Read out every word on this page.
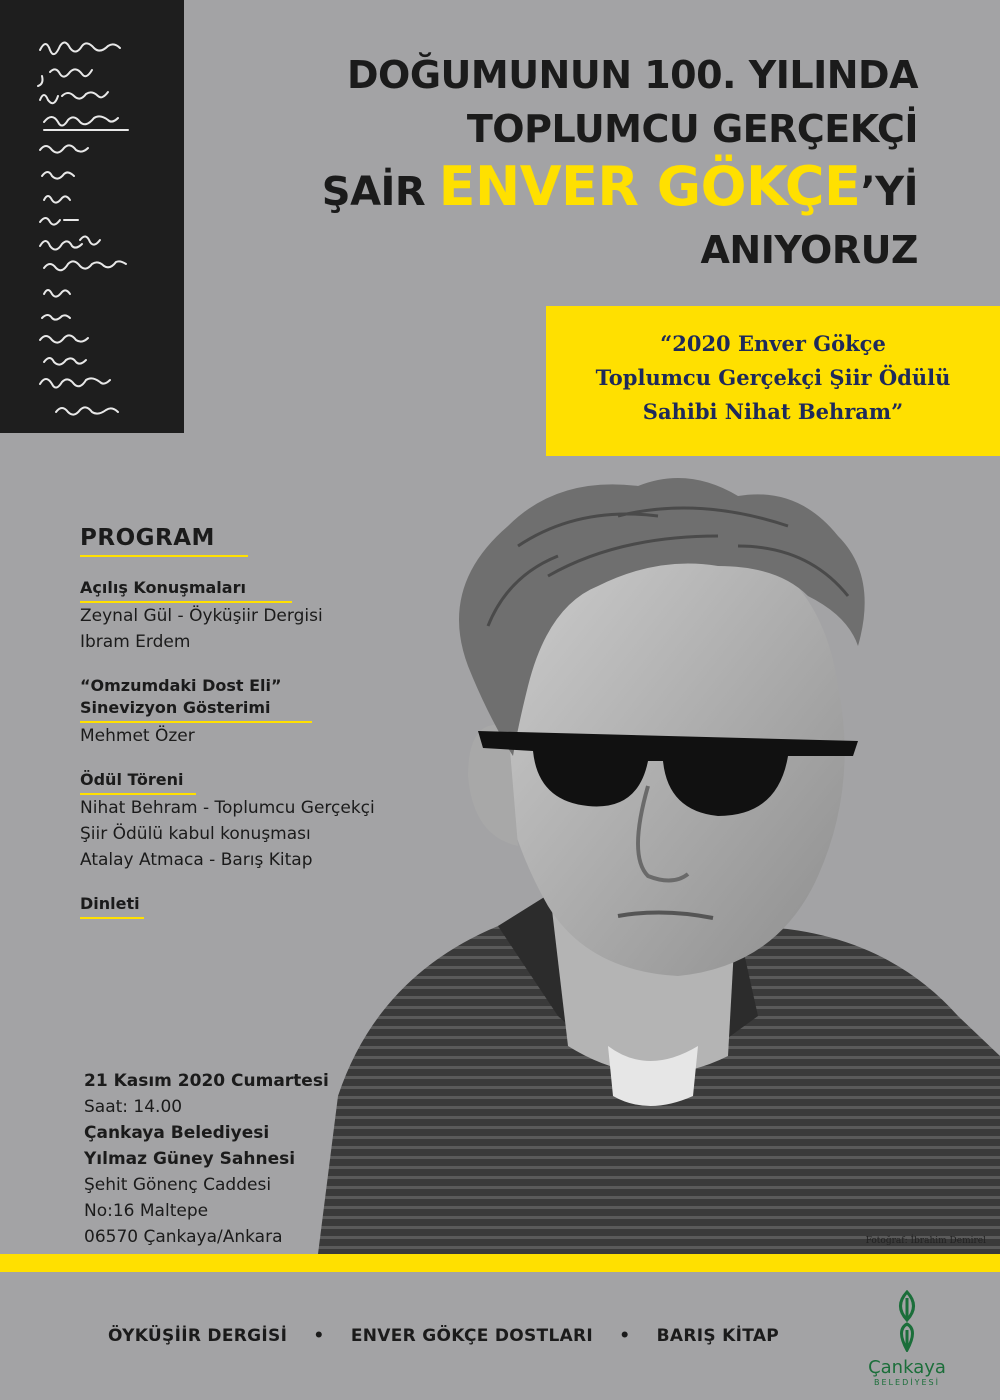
DOĞUMUNUN 100. YILINDA
TOPLUMCU GERÇEKÇİ
ŞAİR ENVER GÖKÇE’Yİ
ANIYORUZ
“2020 Enver Gökçe
Toplumcu Gerçekçi Şiir Ödülü
Sahibi Nihat Behram”
Fotoğraf: İbrahim Demirel
PROGRAM
Açılış Konuşmaları
Zeynal Gül - Öyküşiir Dergisi
Ibram Erdem
“Omzumdaki Dost Eli”
Sinevizyon Gösterimi
Mehmet Özer
Ödül Töreni
Nihat Behram - Toplumcu Gerçekçi
Şiir Ödülü kabul konuşması
Atalay Atmaca - Barış Kitap
Dinleti
21 Kasım 2020 Cumartesi
Saat: 14.00
Çankaya Belediyesi
Yılmaz Güney Sahnesi
Şehit Gönenç Caddesi
No:16 Maltepe
06570 Çankaya/Ankara
ÖYKÜŞİİR DERGİSİ • ENVER GÖKÇE DOSTLARI • BARIŞ KİTAP
Çankaya
BELEDİYESİ
